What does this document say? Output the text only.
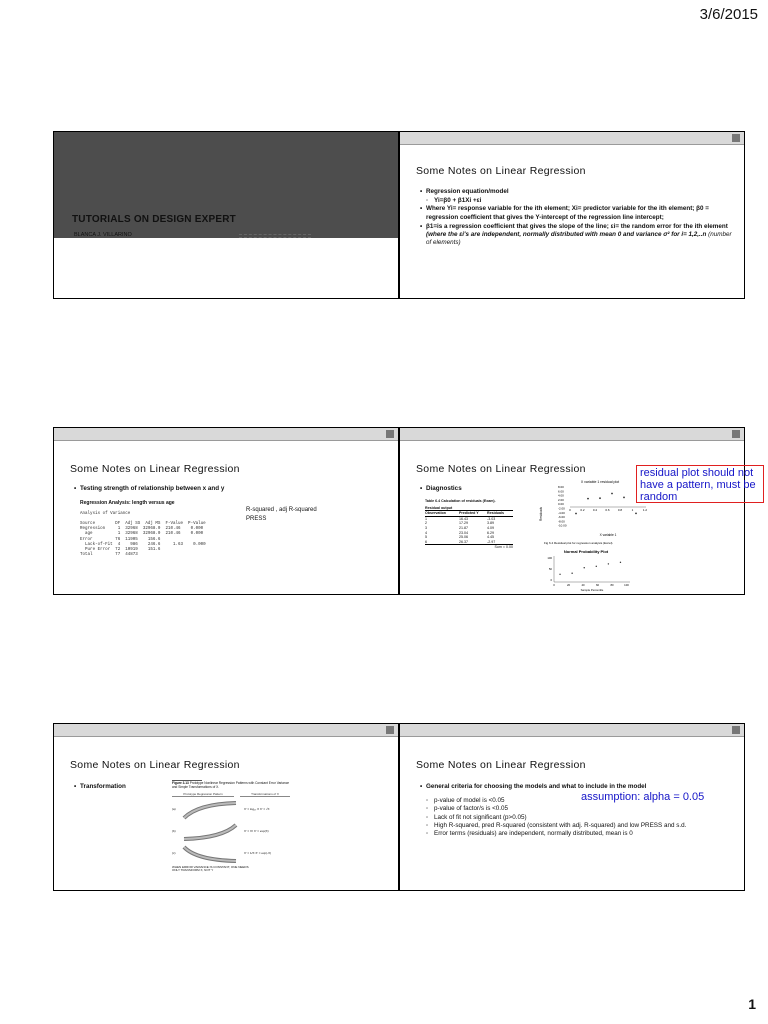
3/6/2015
TUTORIALS ON DESIGN EXPERT
BLANCA J. VILLARINO
Some Notes on Linear Regression
• Regression equation/model
◦ Yi=β0 + β1Xi +εi
• Where Yi= response variable for the ith element; Xi= predictor variable for the ith element; β0 = regression coefficient that gives the Y-intercept of the regression line intercept;
• β1=is a regression coefficient that gives the slope of the line; εi= the random error for the ith element (where the εi's are independent, normally distributed with mean 0 and variance σ² for i= 1,2,..n (number of elements)
Some Notes on Linear Regression
• Testing strength of relationship between x and y
Regression Analysis: length versus age
Analysis of Variance
Source        DF  Adj SS  Adj MS  F-Value  P-Value
Regression     1  32968  32968.0  210.46    0.000
age          1  32968  32968.0  210.46    0.000
Error         76  11905    156.6
Lack-of-Fit  4    986    246.6     1.63    0.000
Pure Error  72  10919    151.6
Total         77  44873
R-squared , adj R-squared
PRESS
Some Notes on Linear Regression
• Diagnostics
Table 6.4 Calculation of residuals (Exam).
Residual output
Observation	Predicted Y	Residuals
1	16.43	-3.03
2	17.29	3.89
3	21.87	4.09
4	23.04	6.29
5	25.06	4.45
6	26.37	-2.97
Sum = 0.00
X variable 1 residual plot
Residuals
8.00
6.00
4.00
2.00
0.00
-2.00
-4.00
-6.00
-8.00
-10.00
0	0.2	0.4	0.6	0.8	1	1.2
X variable 1
Fig 6.4 Residual plot for regression analysis (Excel).
Normal Probability Plot
100
50
0
0	20	40	60	80	100
Sample Percentile
residual plot should not have a pattern, must be random
Some Notes on Linear Regression
• Transformation	Figure 3.13 Prototype Nonlinear Regression Patterns with Constant Error Variance and Simple Transformations of X.
Prototype Regression Pattern	Transformations of X
(a)	X' = log₁₀ X X' = √X
(b)	X' = X² X' = exp(X)
(c)	X' = 1/X X' = exp(-X)
WHEN ERROR VARIANCE IS CONSTANT, ONE NEEDS ONLY TRANSFORM X, NOT Y
Some Notes on Linear Regression
• General criteria for choosing the models and what to include in the model
◦ p-value of model is <0.05
◦ p-value of factor/s is <0.05
◦ Lack of fit not significant (p>0.05)
◦ High R-squared, pred R-squared (consistent with adj. R-squared) and low PRESS and s.d.
◦ Error terms (residuals) are independent, normally distributed, mean is 0
assumption: alpha = 0.05
1
